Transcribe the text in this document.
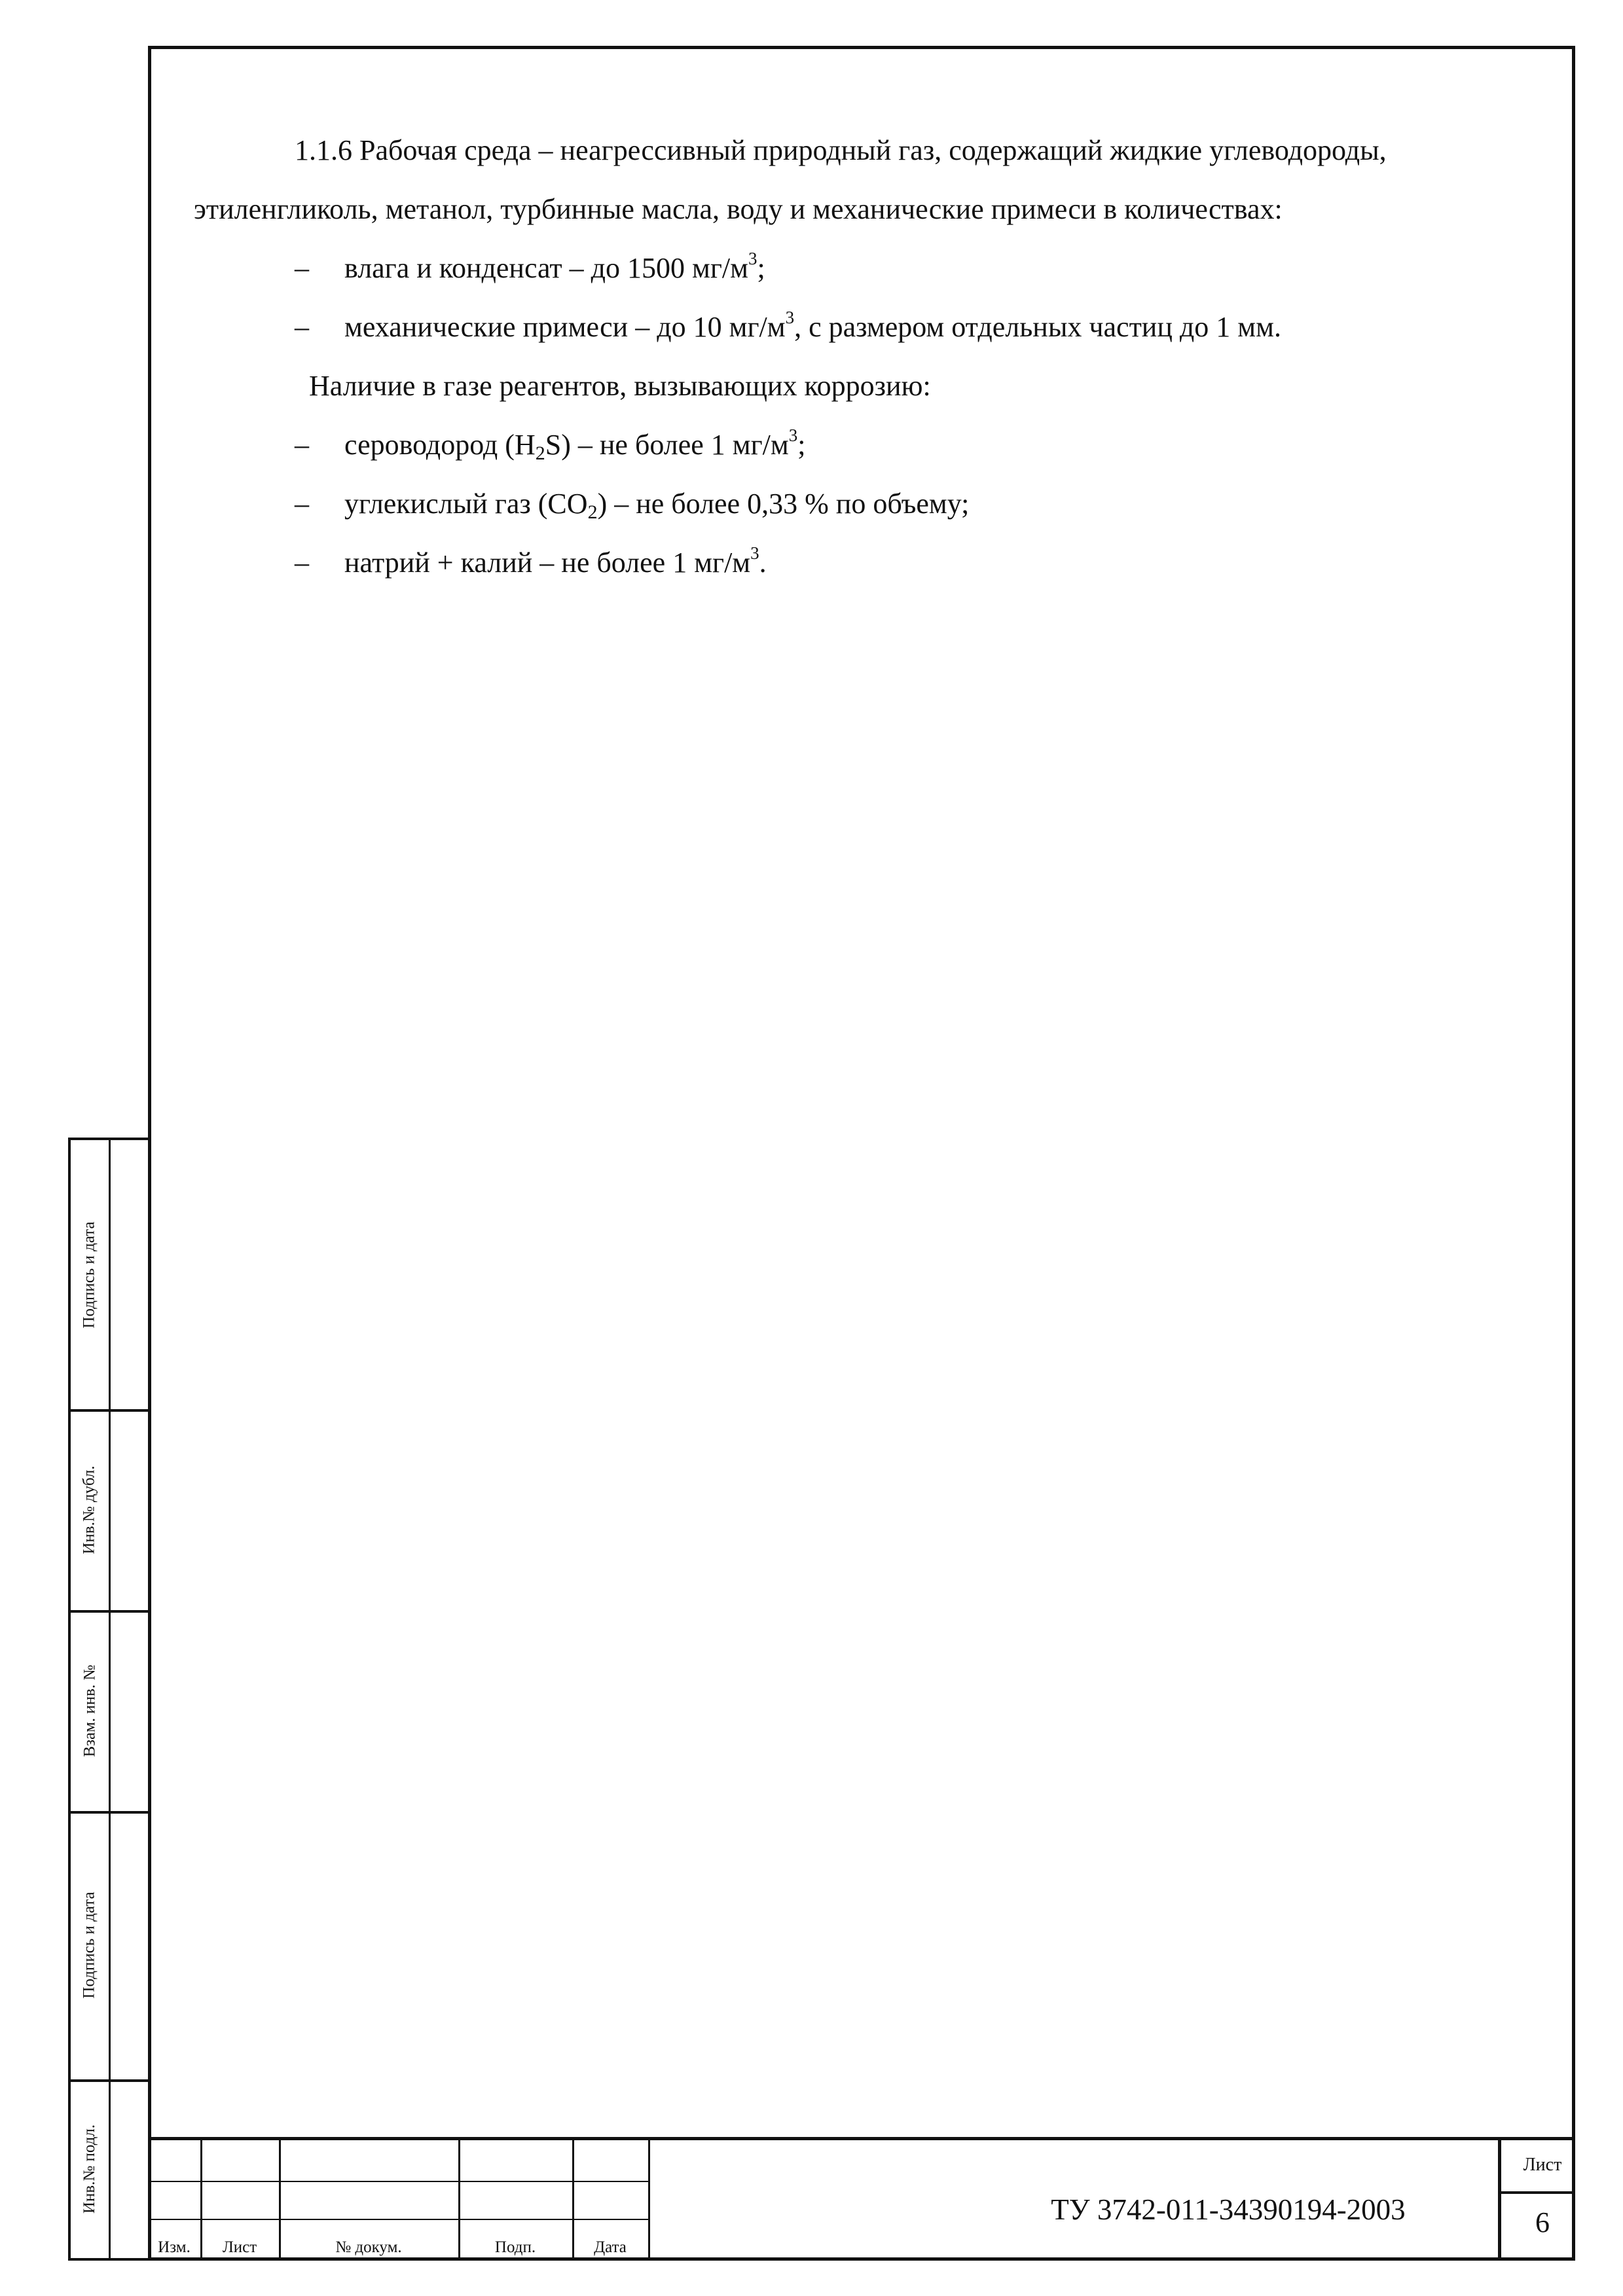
1.1.6 Рабочая среда – неагрессивный природный газ, содержащий жидкие углеводороды, этиленгликоль, метанол, турбинные масла, воду и механические примеси в количествах:

– влага и конденсат – до 1500 $мг/м^3$;

– механические примеси – до 10 $мг/м^3$, с размером отдельных частиц до 1 мм.

Наличие в газе реагентов, вызывающих коррозию:

– сероводород $(H_2S)$ – не более 1 $мг/м^3$;

– углекислый газ $(CO_2)$ – не более 0,33 % по объему;

– натрий + калий – не более 1 $мг/м^3$.

Подпись и дата
Инв.№ дубл.
Взам. инв. №
Подпись и дата
Инв.№ подл.
Изм.	Лист	№ докум.	Подп.	Дата
ТУ 3742-011-34390194-2003
Лист
6
